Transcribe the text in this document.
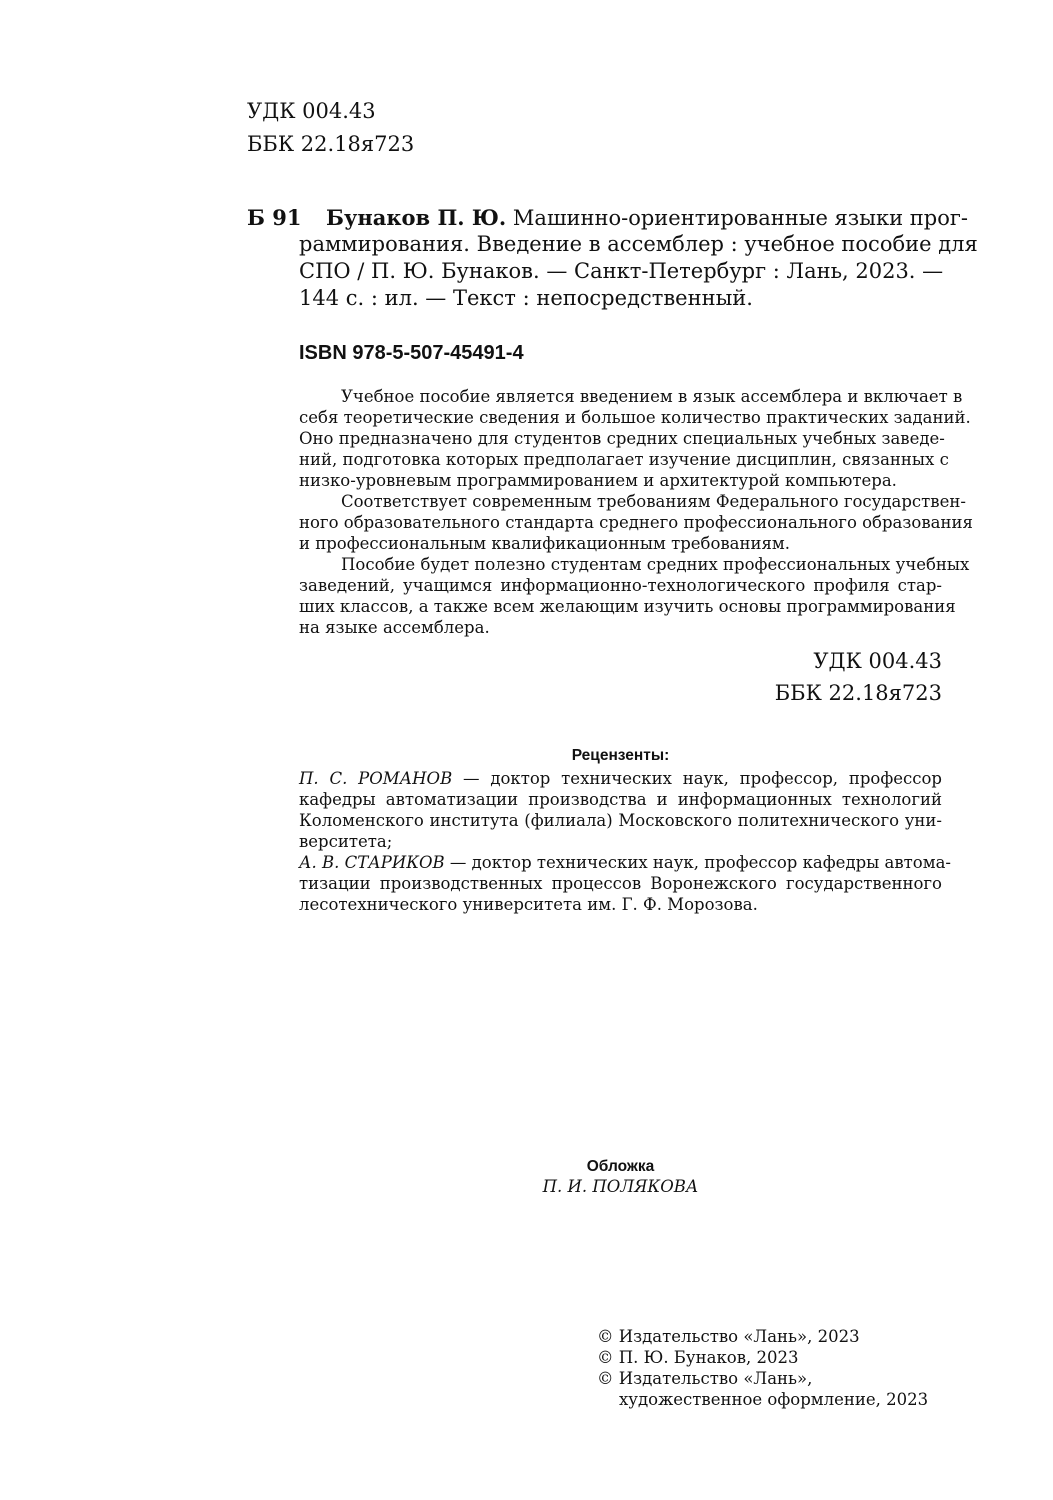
УДК 004.43
ББК 22.18я723
Б 91 Бунаков П. Ю. Машинно-ориентированные языки прог-
раммирования. Введение в ассемблер : учебное пособие для
СПО / П. Ю. Бунаков. — Санкт-Петербург : Лань, 2023. —
144 с. : ил. — Текст : непосредственный.
ISBN 978-5-507-45491-4
Учебное пособие является введением в язык ассемблера и включает в
себя теоретические сведения и большое количество практических заданий.
Оно предназначено для студентов средних специальных учебных заведе-
ний, подготовка которых предполагает изучение дисциплин, связанных с
низко-уровневым программированием и архитектурой компьютера.
Соответствует современным требованиям Федерального государствен-
ного образовательного стандарта среднего профессионального образования
и профессиональным квалификационным требованиям.
Пособие будет полезно студентам средних профессиональных учебных
заведений, учащимся информационно-технологического профиля стар-
ших классов, а также всем желающим изучить основы программирования
на языке ассемблера.
УДК 004.43
ББК 22.18я723
Рецензенты:
П. С. РОМАНОВ — доктор технических наук, профессор, профессор
кафедры автоматизации производства и информационных технологий
Коломенского института (филиала) Московского политехнического уни-
верситета;
А. В. СТАРИКОВ — доктор технических наук, профессор кафедры автома-
тизации производственных процессов Воронежского государственного
лесотехнического университета им. Г. Ф. Морозова.
Обложка
П. И. ПОЛЯКОВА
© Издательство «Лань», 2023
© П. Ю. Бунаков, 2023
© Издательство «Лань»,
художественное оформление, 2023
